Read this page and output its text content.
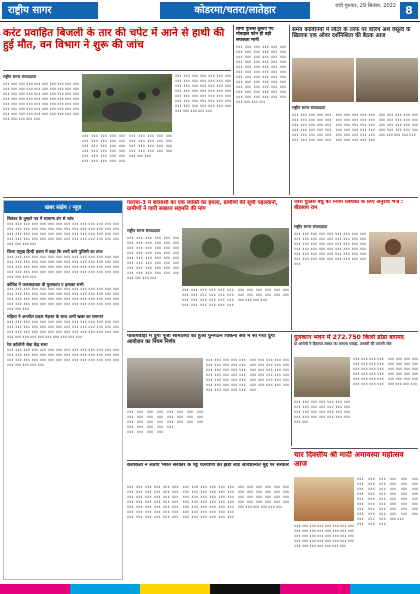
राष्ट्रीय सागर	कोडरमा/चतरा/लातेहार	रांची गुरुवार, 29 सितंबर, 2022 8
करंट प्रवाहित बिजली के तार की चपेट में आने से हाथी की हुई मौत, वन विभाग ने शुरू की जांच
राष्ट्रीय सागर संवाददाता
॥॥॥ ॥॥॥ ॥॥॥ ॥॥॥ ॥॥॥ ॥॥॥ ॥॥॥ ॥॥॥ ॥॥॥ ॥॥॥ ॥॥॥ ॥॥॥ ॥॥॥ ॥॥॥ ॥॥॥ ॥॥॥ ॥॥॥ ॥॥॥ ॥॥॥ ॥॥॥ ॥॥॥ ॥॥॥ ॥॥॥ ॥॥॥ ॥॥॥ ॥॥॥ ॥॥॥ ॥॥॥ ॥॥॥ ॥॥॥ ॥॥॥ ॥॥॥ ॥॥॥ ॥॥॥ ॥॥॥ ॥॥॥ ॥॥॥ ॥॥॥ ॥॥॥ ॥॥॥ ॥॥॥ ॥॥॥ ॥॥॥ ॥॥॥ ॥॥॥ ॥॥॥ ॥॥॥ ॥॥॥ ॥॥॥ ॥॥॥ ॥॥॥ ॥॥॥ ॥॥॥ ॥॥॥ ॥॥॥ ॥॥॥ ॥॥॥ ॥॥॥ ॥॥॥ ॥॥॥ ॥॥॥ ॥॥॥ ॥॥॥ ॥॥॥ ॥॥॥ ॥॥॥ ॥॥॥ ॥॥॥ ॥॥॥ ॥॥॥ ॥॥॥ ॥॥॥ ॥॥॥ ॥॥॥ ॥॥॥
॥॥॥ ॥॥॥ ॥॥॥ ॥॥॥ ॥॥॥ ॥॥॥ ॥॥॥ ॥॥॥ ॥॥॥ ॥॥॥ ॥॥॥ ॥॥॥ ॥॥॥ ॥॥॥ ॥॥॥ ॥॥॥ ॥॥॥ ॥॥॥ ॥॥॥ ॥॥॥ ॥॥॥ ॥॥॥ ॥॥॥ ॥॥॥ ॥॥॥ ॥॥॥ ॥॥॥ ॥॥॥ ॥॥॥ ॥॥॥ ॥॥॥ ॥॥॥ ॥॥॥ ॥॥॥ ॥॥॥ ॥॥॥ ॥॥॥ ॥॥॥ ॥॥॥ ॥॥॥ ॥॥॥ ॥॥॥ ॥॥॥ ॥॥॥ ॥॥॥ ॥॥॥ ॥॥॥ ॥॥॥ ॥॥॥ ॥॥॥ ॥॥॥ ॥॥॥ ॥॥॥
॥॥॥ ॥॥॥ ॥॥॥ ॥॥॥ ॥॥॥ ॥॥॥ ॥॥॥ ॥॥॥ ॥॥॥ ॥॥॥ ॥॥॥ ॥॥॥ ॥॥॥ ॥॥॥ ॥॥॥ ॥॥॥ ॥॥॥ ॥॥॥ ॥॥॥ ॥॥॥ ॥॥॥ ॥॥॥ ॥॥॥ ॥॥॥ ॥॥॥ ॥॥॥ ॥॥॥ ॥॥॥ ॥॥॥ ॥॥॥ ॥॥॥ ॥॥॥ ॥॥॥ ॥॥॥ ॥॥॥ ॥॥॥ ॥॥॥ ॥॥॥ ॥॥॥ ॥॥॥ ॥॥॥ ॥॥॥ ॥॥॥ ॥॥॥ ॥॥॥ ॥॥॥ ॥॥॥ ॥॥॥ ॥॥॥ ॥॥॥ ॥॥॥ ॥॥॥ ॥॥॥ ॥॥॥
छिपा पुलिस बुलाए गए मोबाइल फोन ही बड़ी सफलता मानी
॥॥॥ ॥॥॥ ॥॥॥ ॥॥॥ ॥॥॥ ॥॥॥ ॥॥॥ ॥॥॥ ॥॥॥ ॥॥॥ ॥॥॥ ॥॥॥ ॥॥॥ ॥॥॥ ॥॥॥ ॥॥॥ ॥॥॥ ॥॥॥ ॥॥॥ ॥॥॥ ॥॥॥ ॥॥॥ ॥॥॥ ॥॥॥ ॥॥॥ ॥॥॥ ॥॥॥ ॥॥॥ ॥॥॥ ॥॥॥ ॥॥॥ ॥॥॥ ॥॥॥ ॥॥॥ ॥॥॥ ॥॥॥ ॥॥॥ ॥॥॥ ॥॥॥ ॥॥॥ ॥॥॥ ॥॥॥ ॥॥॥ ॥॥॥ ॥॥॥ ॥॥॥ ॥॥॥ ॥॥॥ ॥॥॥ ॥॥॥ ॥॥॥ ॥॥॥ ॥॥॥ ॥॥॥ ॥॥॥ ॥॥॥ ॥॥॥ ॥॥॥ ॥॥॥ ॥॥॥ ॥॥॥ ॥॥॥ ॥॥॥ ॥॥॥ ॥॥॥ ॥॥॥ ॥॥॥ ॥॥॥ ॥॥॥ ॥॥॥
समय कोविनियों में लौटर के तरफ पर वारिय अर्थ वसूली के खिलाफ एक ओवर दर्शनिशिता की बैठक आज
राष्ट्रीय सागर संवाददाता
॥॥॥ ॥॥॥ ॥॥॥ ॥॥॥ ॥॥॥ ॥॥॥ ॥॥॥ ॥॥॥ ॥॥॥ ॥॥॥ ॥॥॥ ॥॥॥ ॥॥॥ ॥॥॥ ॥॥॥ ॥॥॥ ॥॥॥ ॥॥॥ ॥॥॥ ॥॥॥ ॥॥॥ ॥॥॥ ॥॥॥ ॥॥॥ ॥॥॥ ॥॥॥ ॥॥॥ ॥॥॥ ॥॥॥ ॥॥॥ ॥॥॥ ॥॥॥ ॥॥॥ ॥॥॥ ॥॥॥ ॥॥॥ ॥॥॥ ॥॥॥ ॥॥॥ ॥॥॥ ॥॥॥ ॥॥॥ ॥॥॥ ॥॥॥ ॥॥॥ ॥॥॥ ॥॥॥ ॥॥॥ ॥॥॥ ॥॥॥ ॥॥॥ ॥॥॥ ॥॥॥ ॥॥॥ ॥॥॥ ॥॥॥ ॥॥॥ ॥॥॥ ॥॥॥ ॥॥॥ ॥॥॥ ॥॥॥ ॥॥॥ ॥॥॥ ॥॥॥ ॥॥॥ ॥॥॥ ॥॥॥ ॥॥॥ ॥॥॥ ॥॥॥ ॥॥॥ ॥॥॥ ॥॥॥ ॥॥॥ ॥॥॥ ॥॥॥ ॥॥॥ ॥॥॥ ॥॥॥ ॥॥॥ ॥॥॥ ॥॥॥ ॥॥॥ ॥॥॥
खबर संक्षेप / न्यूज़
सितंबर के तुम्हारे पत्र में सामान्य ढंग से जांच
॥॥॥ ॥॥॥ ॥॥॥ ॥॥॥ ॥॥॥ ॥॥॥ ॥॥॥ ॥॥॥ ॥॥॥ ॥॥॥ ॥॥॥ ॥॥॥ ॥॥॥ ॥॥॥ ॥॥॥ ॥॥॥ ॥॥॥ ॥॥॥ ॥॥॥ ॥॥॥ ॥॥॥ ॥॥॥ ॥॥॥ ॥॥॥ ॥॥॥ ॥॥॥ ॥॥॥ ॥॥॥ ॥॥॥ ॥॥॥ ॥॥॥ ॥॥॥ ॥॥॥ ॥॥॥ ॥॥॥ ॥॥॥ ॥॥॥ ॥॥॥ ॥॥॥ ॥॥॥ ॥॥॥ ॥॥॥ ॥॥॥ ॥॥॥ ॥॥॥ ॥॥॥ ॥॥॥ ॥॥॥ ॥॥॥ ॥॥॥ ॥॥॥ ॥॥॥ ॥॥॥ ॥॥॥ ॥॥॥ ॥॥॥ ॥॥॥ ॥॥॥ ॥॥॥ ॥॥॥
जिला प्रमुख हिन्दी हफ्ता में कहा कि सभी कारे पुलिसी का ताज
॥॥॥ ॥॥॥ ॥॥॥ ॥॥॥ ॥॥॥ ॥॥॥ ॥॥॥ ॥॥॥ ॥॥॥ ॥॥॥ ॥॥॥ ॥॥॥ ॥॥॥ ॥॥॥ ॥॥॥ ॥॥॥ ॥॥॥ ॥॥॥ ॥॥॥ ॥॥॥ ॥॥॥ ॥॥॥ ॥॥॥ ॥॥॥ ॥॥॥ ॥॥॥ ॥॥॥ ॥॥॥ ॥॥॥ ॥॥॥ ॥॥॥ ॥॥॥ ॥॥॥ ॥॥॥ ॥॥॥ ॥॥॥ ॥॥॥ ॥॥॥ ॥॥॥ ॥॥॥ ॥॥॥ ॥॥॥ ॥॥॥ ॥॥॥ ॥॥॥ ॥॥॥ ॥॥॥ ॥॥॥ ॥॥॥ ॥॥॥ ॥॥॥ ॥॥॥ ॥॥॥ ॥॥॥ ॥॥॥ ॥॥॥ ॥॥॥ ॥॥॥ ॥॥॥ ॥॥॥
कोविड में जलसाहयता डी मुलाकात ए इलाका सभी
॥॥॥ ॥॥॥ ॥॥॥ ॥॥॥ ॥॥॥ ॥॥॥ ॥॥॥ ॥॥॥ ॥॥॥ ॥॥॥ ॥॥॥ ॥॥॥ ॥॥॥ ॥॥॥ ॥॥॥ ॥॥॥ ॥॥॥ ॥॥॥ ॥॥॥ ॥॥॥ ॥॥॥ ॥॥॥ ॥॥॥ ॥॥॥ ॥॥॥ ॥॥॥ ॥॥॥ ॥॥॥ ॥॥॥ ॥॥॥ ॥॥॥ ॥॥॥ ॥॥॥ ॥॥॥ ॥॥॥ ॥॥॥ ॥॥॥ ॥॥॥ ॥॥॥ ॥॥॥ ॥॥॥ ॥॥॥ ॥॥॥ ॥॥॥ ॥॥॥ ॥॥॥ ॥॥॥ ॥॥॥ ॥॥॥ ॥॥॥ ॥॥॥ ॥॥॥ ॥॥॥ ॥॥॥ ॥॥॥ ॥॥॥ ॥॥॥ ॥॥॥ ॥॥॥
महिला ने अश्लील प्रकार मेहनत के साथ अभी खबर का समापन
॥॥॥ ॥॥॥ ॥॥॥ ॥॥॥ ॥॥॥ ॥॥॥ ॥॥॥ ॥॥॥ ॥॥॥ ॥॥॥ ॥॥॥ ॥॥॥ ॥॥॥ ॥॥॥ ॥॥॥ ॥॥॥ ॥॥॥ ॥॥॥ ॥॥॥ ॥॥॥ ॥॥॥ ॥॥॥ ॥॥॥ ॥॥॥ ॥॥॥ ॥॥॥ ॥॥॥ ॥॥॥ ॥॥॥ ॥॥॥ ॥॥॥ ॥॥॥ ॥॥॥ ॥॥॥ ॥॥॥ ॥॥॥ ॥॥॥ ॥॥॥ ॥॥॥ ॥॥॥ ॥॥॥ ॥॥॥ ॥॥॥ ॥॥॥ ॥॥॥ ॥॥॥ ॥॥॥ ॥॥॥ ॥॥॥ ॥॥॥ ॥॥॥ ॥॥॥
रेल कॉलोनी सेवा केंद्र सभा
॥॥॥ ॥॥॥ ॥॥॥ ॥॥॥ ॥॥॥ ॥॥॥ ॥॥॥ ॥॥॥ ॥॥॥ ॥॥॥ ॥॥॥ ॥॥॥ ॥॥॥ ॥॥॥ ॥॥॥ ॥॥॥ ॥॥॥ ॥॥॥ ॥॥॥ ॥॥॥ ॥॥॥ ॥॥॥ ॥॥॥ ॥॥॥ ॥॥॥ ॥॥॥ ॥॥॥ ॥॥॥ ॥॥॥ ॥॥॥ ॥॥॥ ॥॥॥ ॥॥॥ ॥॥॥ ॥॥॥ ॥॥॥ ॥॥॥ ॥॥॥ ॥॥॥ ॥॥॥ ॥॥॥ ॥॥॥ ॥॥॥ ॥॥॥ ॥॥॥ ॥॥॥ ॥॥॥
गलाचा-3 में बदमाशी का एक व्यक्ति का हमला, ग्रामीणों की सूची पहलवानों, ग्रामीणों ने जारी सख्यत्त सहमति की मांग
राष्ट्रीय सागर संवाददाता
॥॥॥ ॥॥॥ ॥॥॥ ॥॥॥ ॥॥॥ ॥॥॥ ॥॥॥ ॥॥॥ ॥॥॥ ॥॥॥ ॥॥॥ ॥॥॥ ॥॥॥ ॥॥॥ ॥॥॥ ॥॥॥ ॥॥॥ ॥॥॥ ॥॥॥ ॥॥॥ ॥॥॥ ॥॥॥ ॥॥॥ ॥॥॥ ॥॥॥ ॥॥॥ ॥॥॥ ॥॥॥ ॥॥॥ ॥॥॥ ॥॥॥ ॥॥॥ ॥॥॥ ॥॥॥ ॥॥॥ ॥॥॥ ॥॥॥ ॥॥॥ ॥॥॥ ॥॥॥ ॥॥॥ ॥॥॥ ॥॥॥ ॥॥॥ ॥॥॥ ॥॥॥ ॥॥॥ ॥॥॥ ॥॥॥ ॥॥॥ ॥॥॥ ॥॥॥
॥॥॥ ॥॥॥ ॥॥॥ ॥॥॥ ॥॥॥ ॥॥॥ ॥॥॥ ॥॥॥ ॥॥॥ ॥॥॥ ॥॥॥ ॥॥॥ ॥॥॥ ॥॥॥ ॥॥॥ ॥॥॥ ॥॥॥ ॥॥॥ ॥॥॥ ॥॥॥ ॥॥॥ ॥॥॥ ॥॥॥ ॥॥॥ ॥॥॥ ॥॥॥ ॥॥॥ ॥॥॥ ॥॥॥ ॥॥॥ ॥॥॥ ॥॥॥ ॥॥॥ ॥॥॥ ॥॥॥ ॥॥॥ ॥॥॥ ॥॥॥ ॥॥॥ ॥॥॥
जारी पुलिस बंधु का नियम प्रबंधकों के लिए अनुरोध भेजे : बीडसाय राम
राष्ट्रीय सागर संवाददाता
॥॥॥ ॥॥॥ ॥॥॥ ॥॥॥ ॥॥॥ ॥॥॥ ॥॥॥ ॥॥॥ ॥॥॥ ॥॥॥ ॥॥॥ ॥॥॥ ॥॥॥ ॥॥॥ ॥॥॥ ॥॥॥ ॥॥॥ ॥॥॥ ॥॥॥ ॥॥॥ ॥॥॥ ॥॥॥ ॥॥॥ ॥॥॥ ॥॥॥ ॥॥॥ ॥॥॥ ॥॥॥ ॥॥॥ ॥॥॥ ॥॥॥ ॥॥॥ ॥॥॥ ॥॥॥ ॥॥॥ ॥॥॥ ॥॥॥ ॥॥॥ ॥॥॥ ॥॥॥ ॥॥॥ ॥॥॥ ॥॥॥ ॥॥॥ ॥॥॥ ॥॥॥ ॥॥॥ ॥॥॥ ॥॥॥ ॥॥॥ ॥॥॥ ॥॥॥ ॥॥॥ ॥॥॥ ॥॥॥
पार्वत्यवाड़ा में दुर्गा पूजा समितियों का हुआ पुनर्गठन चिकनी सर्व में सी गया दुर्गा आयोजन का नियम निर्णय
॥॥॥ ॥॥॥ ॥॥॥ ॥॥॥ ॥॥॥ ॥॥॥ ॥॥॥ ॥॥॥ ॥॥॥ ॥॥॥ ॥॥॥ ॥॥॥ ॥॥॥ ॥॥॥ ॥॥॥ ॥॥॥ ॥॥॥ ॥॥॥ ॥॥॥ ॥॥॥ ॥॥॥ ॥॥॥ ॥॥॥ ॥॥॥ ॥॥॥ ॥॥॥ ॥॥॥ ॥॥॥ ॥॥॥ ॥॥॥ ॥॥॥ ॥॥॥ ॥॥॥ ॥॥॥ ॥॥॥ ॥॥॥ ॥॥॥ ॥॥॥ ॥॥॥ ॥॥॥ ॥॥॥ ॥॥॥ ॥॥॥ ॥॥॥ ॥॥॥ ॥॥॥ ॥॥॥ ॥॥॥ ॥॥॥ ॥॥॥ ॥॥॥ ॥॥॥ ॥॥॥ ॥॥॥ ॥॥॥ ॥॥॥ ॥॥॥ ॥॥॥ ॥॥॥ ॥॥॥ ॥॥॥ ॥॥॥ ॥॥॥ ॥॥॥ ॥॥॥ ॥॥॥
॥॥॥ ॥॥॥ ॥॥॥ ॥॥॥ ॥॥॥ ॥॥॥ ॥॥॥ ॥॥॥ ॥॥॥ ॥॥॥ ॥॥॥ ॥॥॥ ॥॥॥ ॥॥॥ ॥॥॥ ॥॥॥ ॥॥॥ ॥॥॥ ॥॥॥ ॥॥॥ ॥॥॥ ॥॥॥ ॥॥॥ ॥॥॥ ॥॥॥ ॥॥॥ ॥॥॥ ॥॥॥ ॥॥॥ ॥॥॥ ॥॥॥ ॥॥॥ ॥॥॥
दुलकान भवन में 272.750 किलो डोडा बरामद
दो आरोपी ने हिरासत तस्कर का मामला पकड़ा, तस्करी की जाएगी जेल
॥॥॥ ॥॥॥ ॥॥॥ ॥॥॥ ॥॥॥ ॥॥॥ ॥॥॥ ॥॥॥ ॥॥॥ ॥॥॥ ॥॥॥ ॥॥॥ ॥॥॥ ॥॥॥ ॥॥॥ ॥॥॥ ॥॥॥ ॥॥॥ ॥॥॥ ॥॥॥ ॥॥॥ ॥॥॥ ॥॥॥ ॥॥॥ ॥॥॥ ॥॥॥ ॥॥॥ ॥॥॥ ॥॥॥ ॥॥॥ ॥॥॥ ॥॥॥ ॥॥॥ ॥॥॥ ॥॥॥ ॥॥॥ ॥॥॥ ॥॥॥ ॥॥॥ ॥॥॥ ॥॥॥ ॥॥॥ ॥॥॥ ॥॥॥ ॥॥॥ ॥॥॥ ॥॥॥ ॥॥॥
॥॥॥ ॥॥॥ ॥॥॥ ॥॥॥ ॥॥॥ ॥॥॥ ॥॥॥ ॥॥॥ ॥॥॥ ॥॥॥ ॥॥॥ ॥॥॥ ॥॥॥ ॥॥॥ ॥॥॥ ॥॥॥ ॥॥॥ ॥॥॥ ॥॥॥ ॥॥॥ ॥॥॥ ॥॥॥ ॥॥॥ ॥॥॥ ॥॥॥ ॥॥॥ ॥॥॥ ॥॥॥ ॥॥॥ ॥॥॥
कार्यकर्ता ने लताएं भारत सरकार के पट्टे परियाणा को झंडा लोट सावधानीत मुद्दे पर सरकार
॥॥॥ ॥॥॥ ॥॥॥ ॥॥॥ ॥॥॥ ॥॥॥ ॥॥॥ ॥॥॥ ॥॥॥ ॥॥॥ ॥॥॥ ॥॥॥ ॥॥॥ ॥॥॥ ॥॥॥ ॥॥॥ ॥॥॥ ॥॥॥ ॥॥॥ ॥॥॥ ॥॥॥ ॥॥॥ ॥॥॥ ॥॥॥ ॥॥॥ ॥॥॥ ॥॥॥ ॥॥॥ ॥॥॥ ॥॥॥ ॥॥॥ ॥॥॥ ॥॥॥ ॥॥॥ ॥॥॥ ॥॥॥ ॥॥॥ ॥॥॥ ॥॥॥ ॥॥॥ ॥॥॥ ॥॥॥ ॥॥॥ ॥॥॥ ॥॥॥ ॥॥॥ ॥॥॥ ॥॥॥ ॥॥॥ ॥॥॥ ॥॥॥ ॥॥॥ ॥॥॥ ॥॥॥ ॥॥॥ ॥॥॥ ॥॥॥ ॥॥॥ ॥॥॥ ॥॥॥ ॥॥॥ ॥॥॥ ॥॥॥ ॥॥॥ ॥॥॥ ॥॥॥ ॥॥॥ ॥॥॥ ॥॥॥ ॥॥॥ ॥॥॥ ॥॥॥ ॥॥॥ ॥॥॥ ॥॥॥ ॥॥॥ ॥॥॥ ॥॥॥ ॥॥॥ ॥॥॥ ॥॥॥ ॥॥॥ ॥॥॥ ॥॥॥ ॥॥॥ ॥॥॥ ॥॥॥ ॥॥॥ ॥॥॥ ॥॥॥ ॥॥॥ ॥॥॥ ॥॥॥ ॥॥॥ ॥॥॥ ॥॥॥ ॥॥॥ ॥॥॥ ॥॥॥ ॥॥॥ ॥॥॥ ॥॥॥ ॥॥॥ ॥॥॥ ॥॥॥ ॥॥॥ ॥॥॥ ॥॥॥ ॥॥॥ ॥॥॥ ॥॥॥ ॥॥॥ ॥॥॥ ॥॥॥
चार दिवसीय श्री मार्दी अमावस्या महोत्सव आज
॥॥॥ ॥॥॥ ॥॥॥ ॥॥॥ ॥॥॥ ॥॥॥ ॥॥॥ ॥॥॥ ॥॥॥ ॥॥॥ ॥॥॥ ॥॥॥ ॥॥॥ ॥॥॥ ॥॥॥ ॥॥॥ ॥॥॥ ॥॥॥ ॥॥॥ ॥॥॥ ॥॥॥ ॥॥॥ ॥॥॥ ॥॥॥ ॥॥॥ ॥॥॥ ॥॥॥ ॥॥॥ ॥॥॥ ॥॥॥ ॥॥॥ ॥॥॥ ॥॥॥ ॥॥॥ ॥॥॥ ॥॥॥ ॥॥॥ ॥॥॥ ॥॥॥ ॥॥॥ ॥॥॥ ॥॥॥ ॥॥॥ ॥॥॥ ॥॥॥ ॥॥॥ ॥॥॥ ॥॥॥ ॥॥॥ ॥॥॥ ॥॥॥ ॥॥॥ ॥॥॥ ॥॥॥ ॥॥॥ ॥॥॥
॥॥॥ ॥॥॥ ॥॥॥ ॥॥॥ ॥॥॥ ॥॥॥ ॥॥॥ ॥॥॥ ॥॥॥ ॥॥॥ ॥॥॥ ॥॥॥ ॥॥॥ ॥॥॥ ॥॥॥ ॥॥॥ ॥॥॥ ॥॥॥ ॥॥॥ ॥॥॥ ॥॥॥ ॥॥॥ ॥॥॥ ॥॥॥ ॥॥॥ ॥॥॥ ॥॥॥ ॥॥॥ ॥॥॥ ॥॥॥ ॥॥॥ ॥॥॥ ॥॥॥ ॥॥॥ ॥॥॥ ॥॥॥ ॥॥॥ ॥॥॥ ॥॥॥
